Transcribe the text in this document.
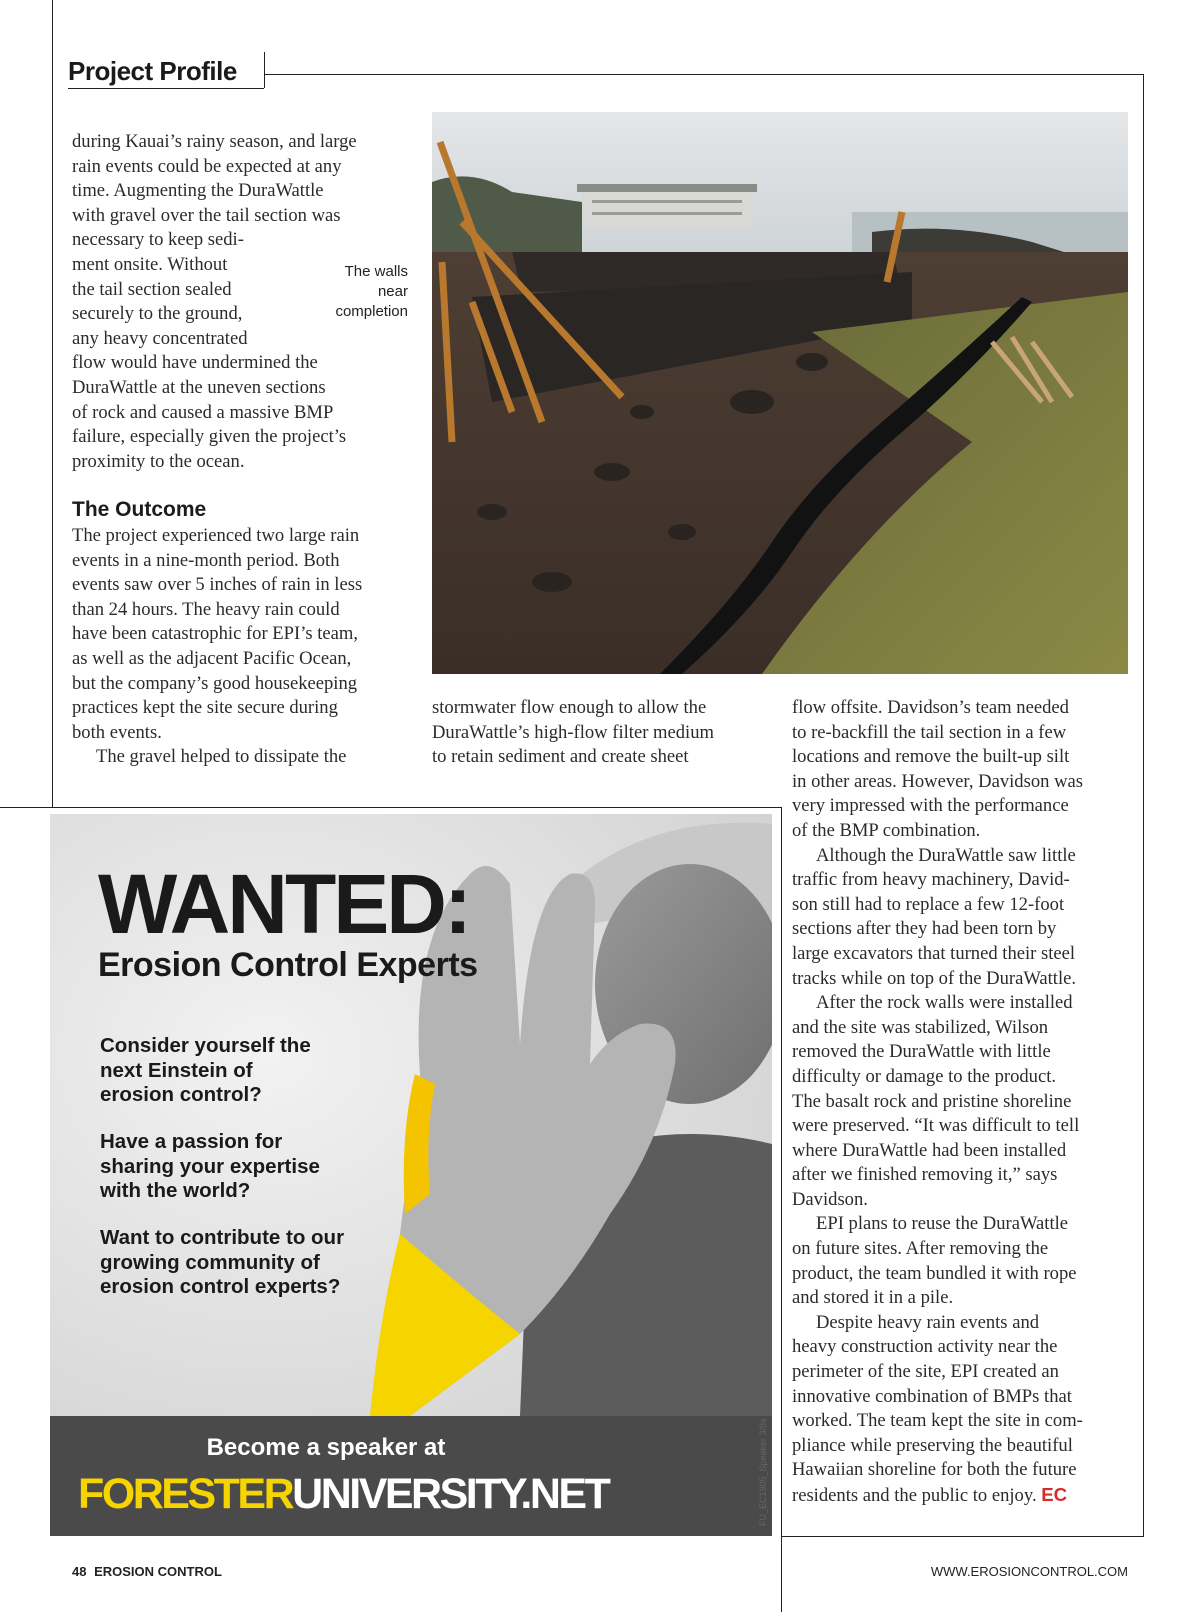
Project Profile

during Kauai’s rainy season, and large

rain events could be expected at any

time. Augmenting the DuraWattle

with gravel over the tail section was

necessary to keep sedi-

ment onsite. Without

the tail section sealed

securely to the ground,

any heavy concentrated

flow would have undermined the

DuraWattle at the uneven sections

of rock and caused a massive BMP

failure, especially given the project’s

proximity to the ocean.

The walls
near
completion
The Outcome

The project experienced two large rain

events in a nine-month period. Both

events saw over 5 inches of rain in less

than 24 hours. The heavy rain could

have been catastrophic for EPI’s team,

as well as the adjacent Pacific Ocean,

but the company’s good housekeeping

practices kept the site secure during

both events.

The gravel helped to dissipate the

stormwater flow enough to allow the

DuraWattle’s high-flow filter medium

to retain sediment and create sheet

flow offsite. Davidson’s team needed

to re-backfill the tail section in a few

locations and remove the built-up silt

in other areas. However, Davidson was

very impressed with the performance

of the BMP combination.

Although the DuraWattle saw little

traffic from heavy machinery, David-

son still had to replace a few 12-foot

sections after they had been torn by

large excavators that turned their steel

tracks while on top of the DuraWattle.

After the rock walls were installed

and the site was stabilized, Wilson

removed the DuraWattle with little

difficulty or damage to the product.

The basalt rock and pristine shoreline

were preserved. “It was difficult to tell

where DuraWattle had been installed

after we finished removing it,” says

Davidson.

EPI plans to reuse the DuraWattle

on future sites. After removing the

product, the team bundled it with rope

and stored it in a pile.

Despite heavy rain events and

heavy construction activity near the

perimeter of the site, EPI created an

innovative combination of BMPs that

worked. The team kept the site in com-

pliance while preserving the beautiful

Hawaiian shoreline for both the future

residents and the public to enjoy. EC

WANTED:
Erosion Control Experts
Consider yourself the next Einstein of erosion control?
Have a passion for sharing your expertise with the world?
Want to contribute to our growing community of erosion control experts?
Become a speaker at
FORESTERUNIVERSITY.NET	FU_EC1905_Speaker 3/8s
48 EROSION CONTROL	WWW.EROSIONCONTROL.COM
